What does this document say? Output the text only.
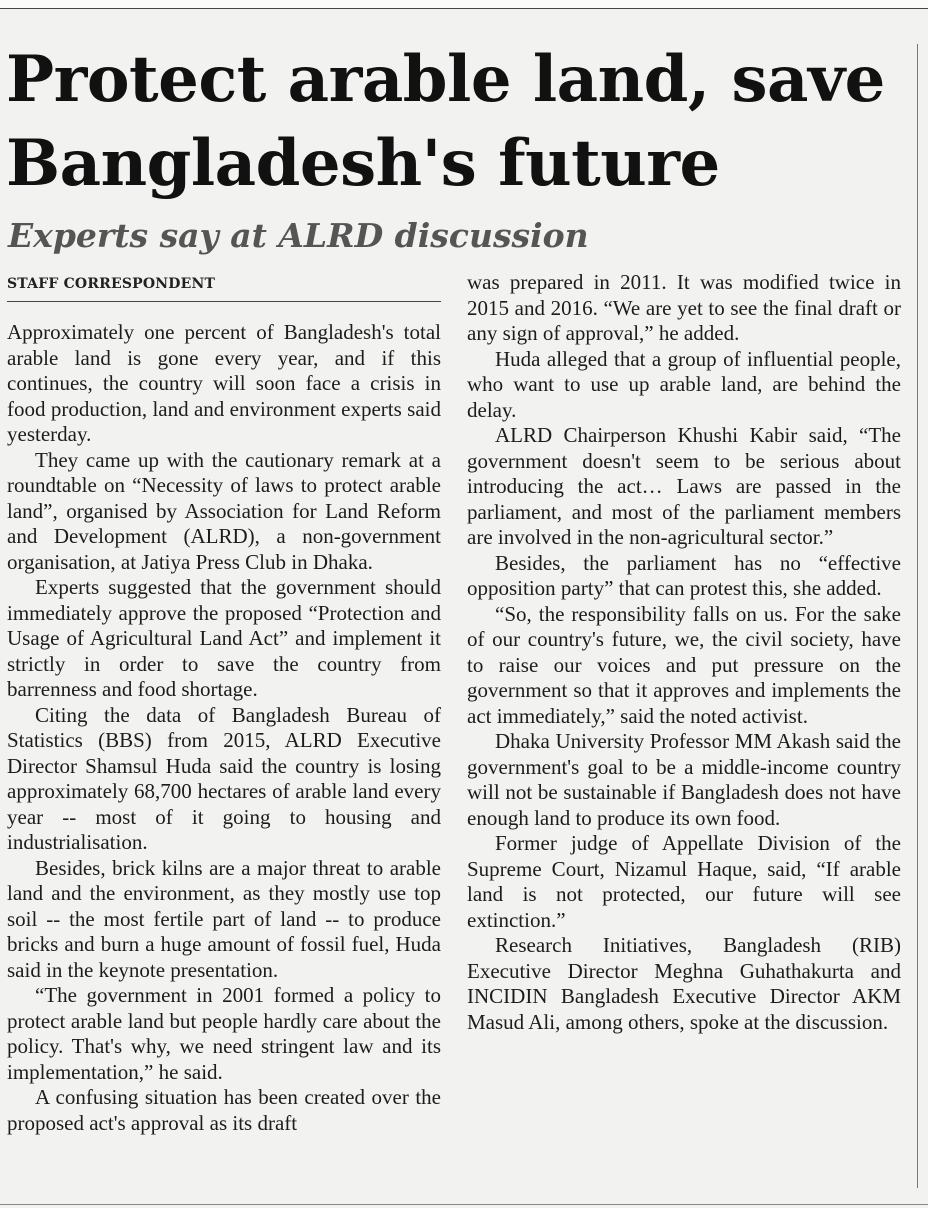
Protect arable land, save Bangladesh's future
Experts say at ALRD discussion
STAFF CORRESPONDENT

Approximately one percent of Bangladesh's total arable land is gone every year, and if this continues, the country will soon face a crisis in food production, land and environment experts said yesterday.

They came up with the cautionary remark at a roundtable on “Necessity of laws to protect arable land”, organised by Association for Land Reform and Development (ALRD), a non-government organisation, at Jatiya Press Club in Dhaka.

Experts suggested that the government should immediately approve the proposed “Protection and Usage of Agricultural Land Act” and implement it strictly in order to save the country from barrenness and food shortage.

Citing the data of Bangladesh Bureau of Statistics (BBS) from 2015, ALRD Executive Director Shamsul Huda said the country is losing approximately 68,700 hectares of arable land every year -- most of it going to housing and industrialisation.

Besides, brick kilns are a major threat to arable land and the environment, as they mostly use top soil -- the most fertile part of land -- to produce bricks and burn a huge amount of fossil fuel, Huda said in the keynote presentation.

“The government in 2001 formed a policy to protect arable land but people hardly care about the policy. That's why, we need stringent law and its implementation,” he said.

A confusing situation has been created over the proposed act's approval as its draft

was prepared in 2011. It was modified twice in 2015 and 2016. “We are yet to see the final draft or any sign of approval,” he added.

Huda alleged that a group of influential people, who want to use up arable land, are behind the delay.

ALRD Chairperson Khushi Kabir said, “The government doesn't seem to be serious about introducing the act… Laws are passed in the parliament, and most of the parliament members are involved in the non-agricultural sector.”

Besides, the parliament has no “effective opposition party” that can protest this, she added.

“So, the responsibility falls on us. For the sake of our country's future, we, the civil society, have to raise our voices and put pressure on the government so that it approves and implements the act immediately,” said the noted activist.

Dhaka University Professor MM Akash said the government's goal to be a middle-income country will not be sustainable if Bangladesh does not have enough land to produce its own food.

Former judge of Appellate Division of the Supreme Court, Nizamul Haque, said, “If arable land is not protected, our future will see extinction.”

Research Initiatives, Bangladesh (RIB) Executive Director Meghna Guhathakurta and INCIDIN Bangladesh Executive Director AKM Masud Ali, among others, spoke at the discussion.
